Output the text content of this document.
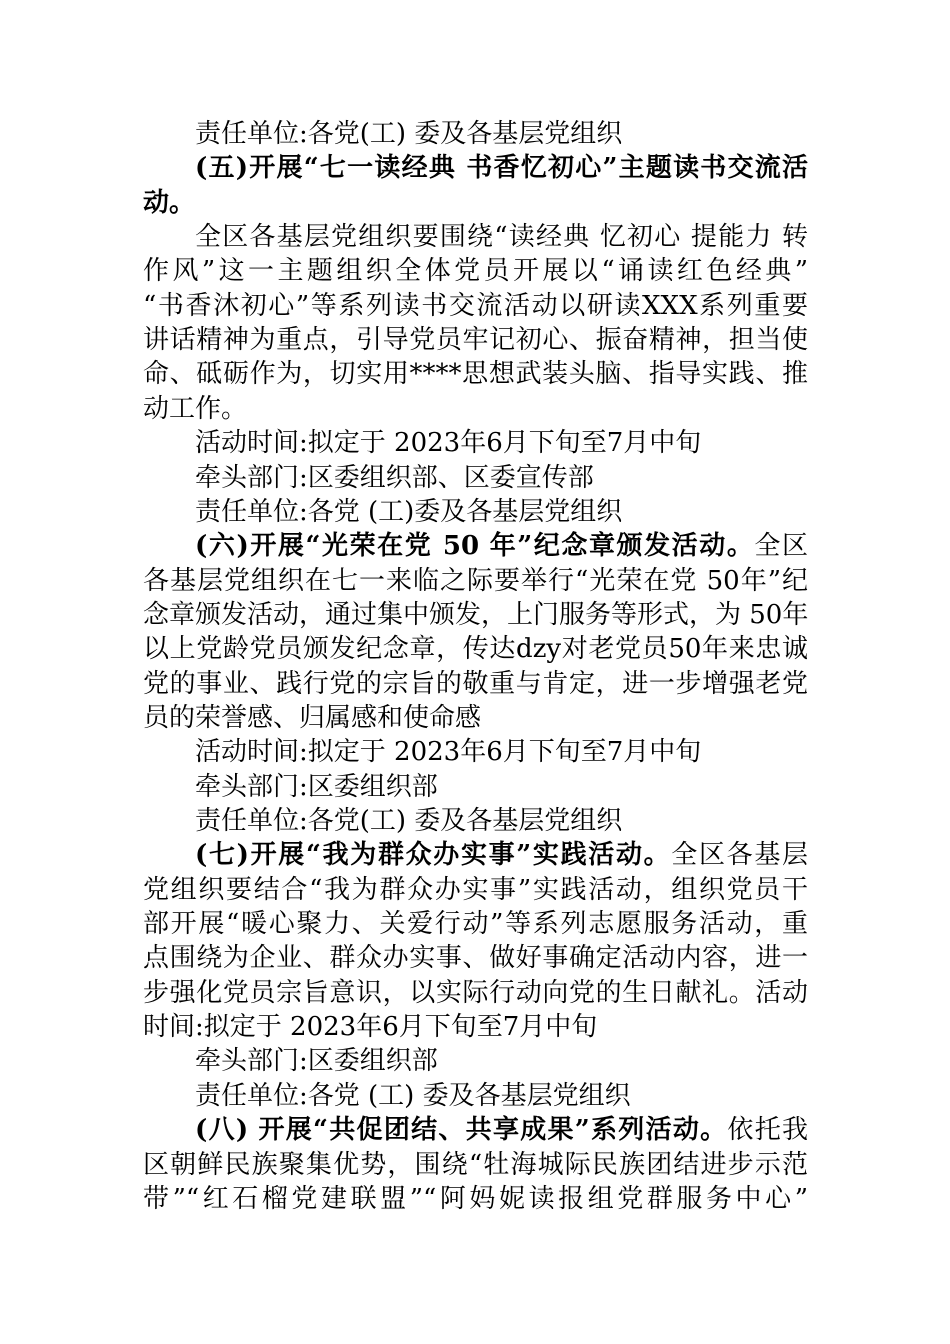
责任单位:各党(工) 委及各基层党组织
(五)开展“七一读经典 书香忆初心”主题读书交流活
动。
全区各基层党组织要围绕“读经典 忆初心 提能力 转
作风”这一主题组织全体党员开展以“诵读红色经典”
“书香沐初心”等系列读书交流活动以研读XXX系列重要
讲话精神为重点，引导党员牢记初心、振奋精神，担当使
命、砥砺作为，切实用****思想武装头脑、指导实践、推
动工作。
活动时间:拟定于 2023年6月下旬至7月中旬
牵头部门:区委组织部、区委宣传部
责任单位:各党 (工)委及各基层党组织
(六)开展“光荣在党 50 年”纪念章颁发活动。全区
各基层党组织在七一来临之际要举行“光荣在党 50年”纪
念章颁发活动，通过集中颁发，上门服务等形式，为 50年
以上党龄党员颁发纪念章，传达dzy对老党员50年来忠诚
党的事业、践行党的宗旨的敬重与肯定，进一步增强老党
员的荣誉感、归属感和使命感
活动时间:拟定于 2023年6月下旬至7月中旬
牵头部门:区委组织部
责任单位:各党(工) 委及各基层党组织
(七)开展“我为群众办实事”实践活动。全区各基层
党组织要结合“我为群众办实事”实践活动，组织党员干
部开展“暖心聚力、关爱行动”等系列志愿服务活动，重
点围绕为企业、群众办实事、做好事确定活动内容，进一
步强化党员宗旨意识，以实际行动向党的生日献礼。活动
时间:拟定于 2023年6月下旬至7月中旬
牵头部门:区委组织部
责任单位:各党 (工) 委及各基层党组织
(八) 开展“共促团结、共享成果”系列活动。依托我
区朝鲜民族聚集优势，围绕“牡海城际民族团结进步示范
带”“红石榴党建联盟”“阿妈妮读报组党群服务中心”
